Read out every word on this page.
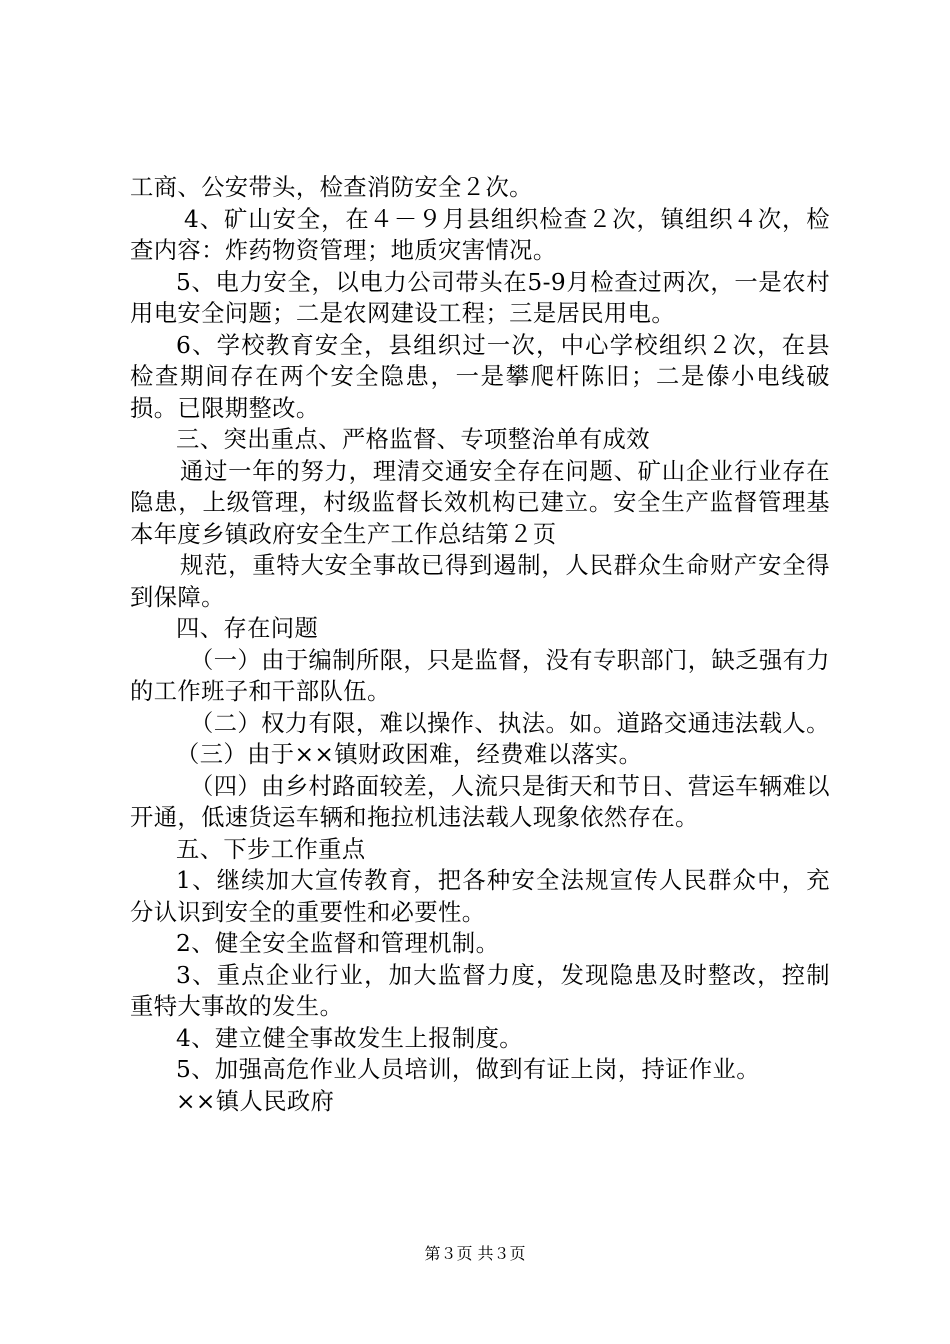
工商、公安带头，检查消防安全２次。

4、矿山安全，在４－９月县组织检查２次，镇组织４次，检查内容：炸药物资管理；地质灾害情况。

5、电力安全，以电力公司带头在5-9月检查过两次，一是农村用电安全问题；二是农网建设工程；三是居民用电。

6、学校教育安全，县组织过一次，中心学校组织２次，在县检查期间存在两个安全隐患，一是攀爬杆陈旧；二是傣小电线破损。已限期整改。

三、突出重点、严格监督、专项整治单有成效

通过一年的努力，理清交通安全存在问题、矿山企业行业存在隐患，上级管理，村级监督长效机构已建立。安全生产监督管理基本年度乡镇政府安全生产工作总结第２页

规范，重特大安全事故已得到遏制，人民群众生命财产安全得到保障。

四、存在问题

（一）由于编制所限，只是监督，没有专职部门，缺乏强有力的工作班子和干部队伍。

（二）权力有限，难以操作、执法。如。道路交通违法载人。

（三）由于××镇财政困难，经费难以落实。

（四）由乡村路面较差，人流只是街天和节日、营运车辆难以开通，低速货运车辆和拖拉机违法载人现象依然存在。

五、下步工作重点

1、继续加大宣传教育，把各种安全法规宣传人民群众中，充分认识到安全的重要性和必要性。

2、健全安全监督和管理机制。

3、重点企业行业，加大监督力度，发现隐患及时整改，控制重特大事故的发生。

4、建立健全事故发生上报制度。

5、加强高危作业人员培训，做到有证上岗，持证作业。

××镇人民政府

第３页 共３页
